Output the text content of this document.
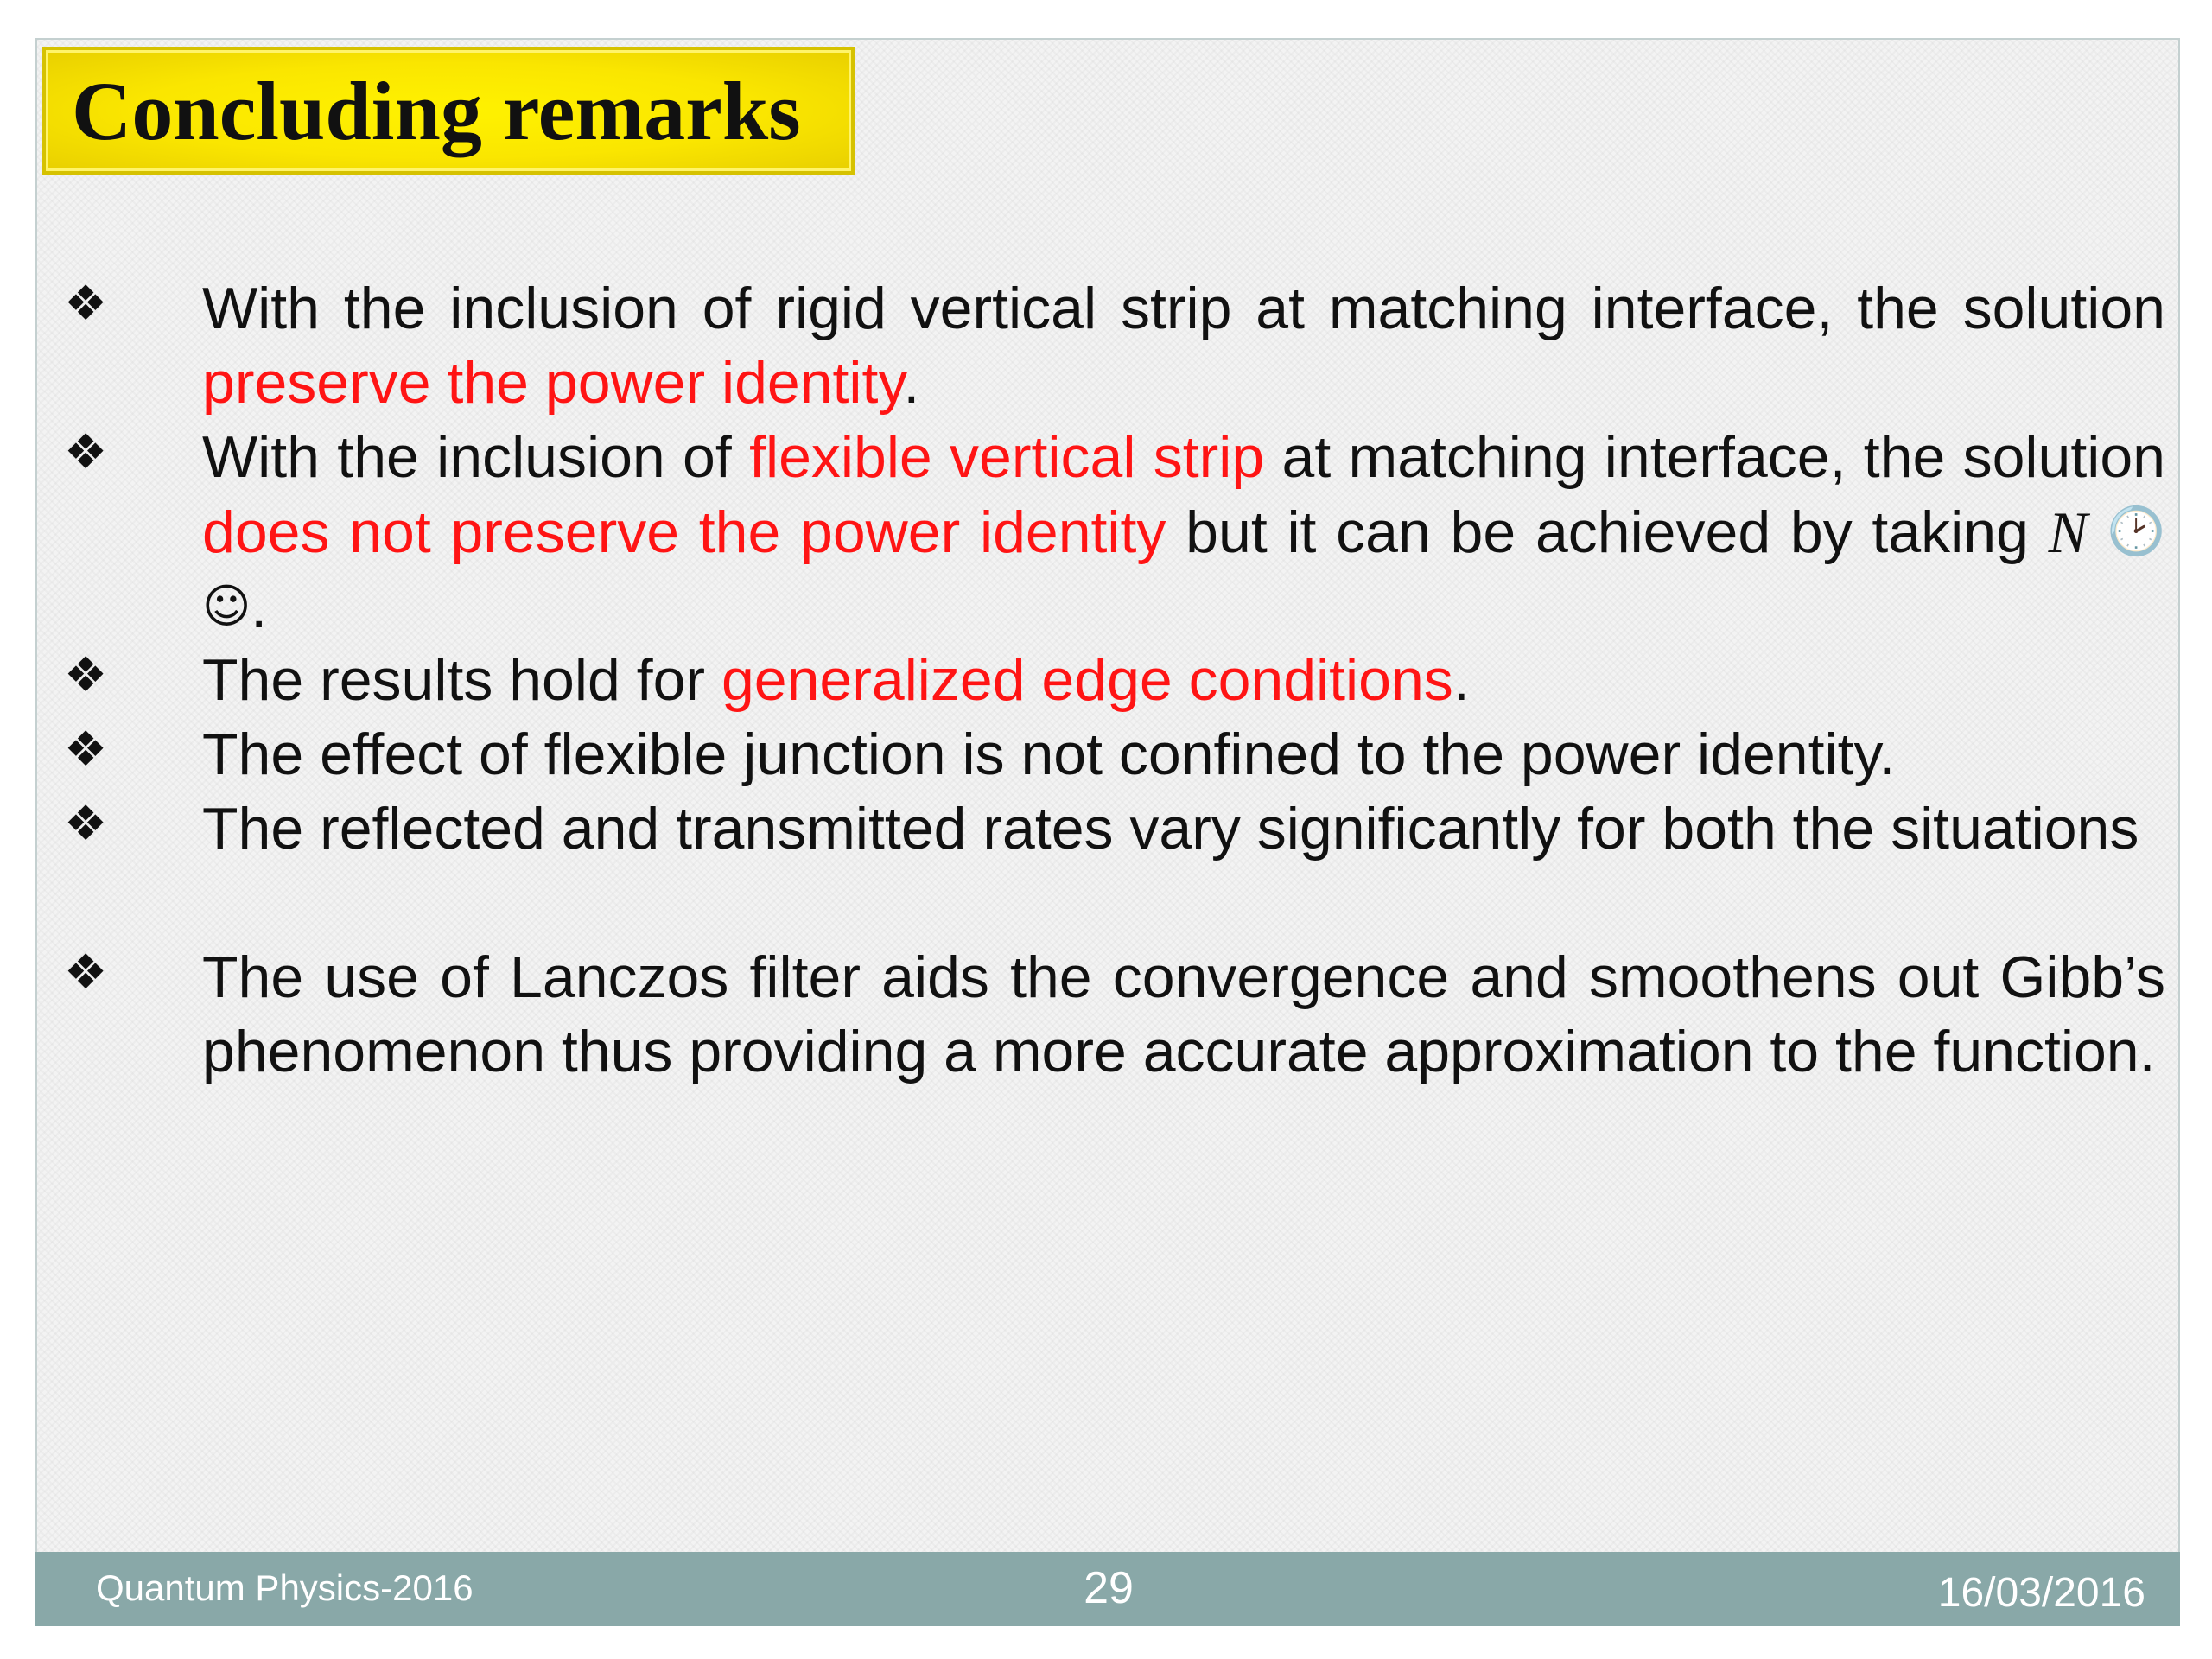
Concluding remarks
❖ With the inclusion of rigid vertical strip at matching interface, the solution preserve the power identity.
❖ With the inclusion of flexible vertical strip at matching interface, the solution does not preserve the power identity but it can be achieved by taking N 🕑☺.
❖ The results hold for generalized edge conditions.
❖ The effect of flexible junction is not confined to the power identity.
❖ The reflected and transmitted rates vary significantly for both the situations
❖ The use of Lanczos filter aids the convergence and smoothens out Gibb’s phenomenon thus providing a more accurate approximation to the function.
Quantum Physics-2016	29	16/03/2016
